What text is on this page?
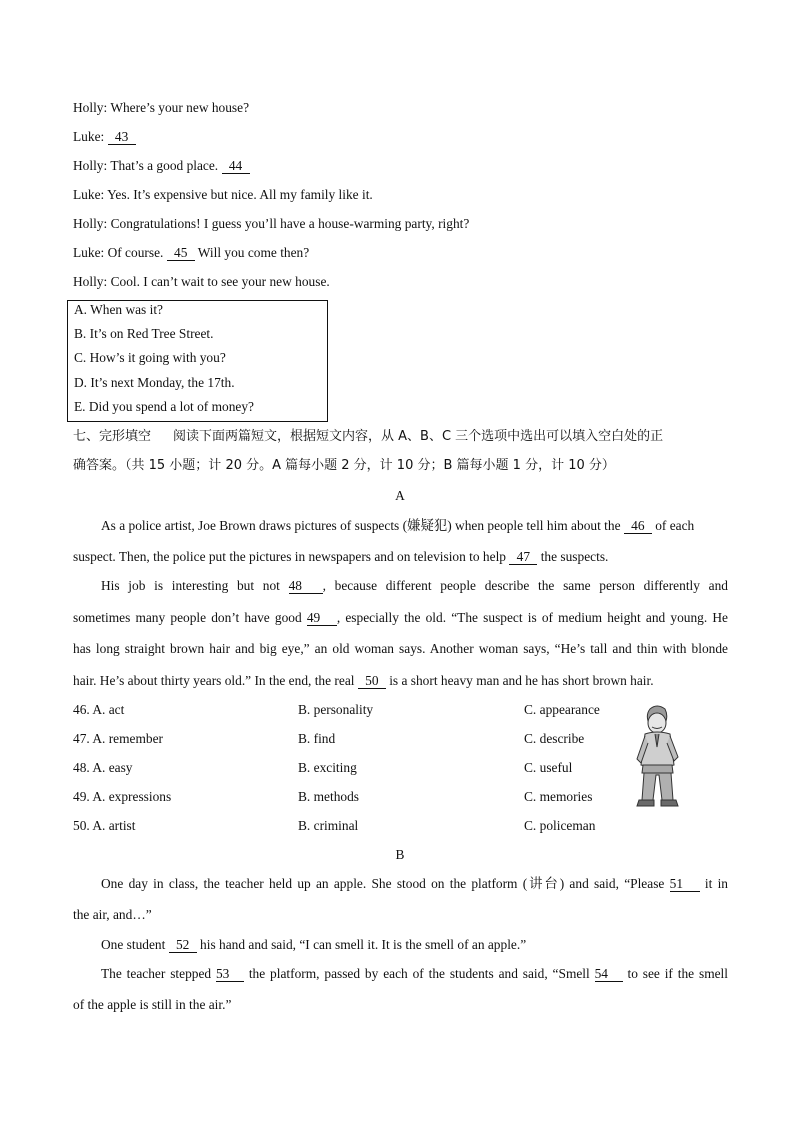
Holly: Where’s your new house?
Luke: 43
Holly: That’s a good place. 44
Luke: Yes. It’s expensive but nice. All my family like it.
Holly: Congratulations! I guess you’ll have a house-warming party, right?
Luke: Of course. 45 Will you come then?
Holly: Cool. I can’t wait to see your new house.
A. When was it?
B. It’s on Red Tree Street.
C. How’s it going with you?
D. It’s next Monday, the 17th.
E. Did you spend a lot of money?
七、完形填空 阅读下面两篇短文，根据短文内容，从 A、B、C 三个选项中选出可以填入空白处的正
确答案。（共 15 小题；计 20 分。A 篇每小题 2 分，计 10 分；B 篇每小题 1 分，计 10 分）
A
As a police artist, Joe Brown draws pictures of suspects (嫌疑犯) when people tell him about the 46 of each
suspect. Then, the police put the pictures in newspapers and on television to help 47 the suspects.
His job is interesting but not 48 , because different people describe the same person differently and
sometimes many people don’t have good 49 , especially the old. “The suspect is of medium height and young. He
has long straight brown hair and big eye,” an old woman says. Another woman says, “He’s tall and thin with blonde
hair. He’s about thirty years old.” In the end, the real 50 is a short heavy man and he has short brown hair.
46. A. act	B. personality	C. appearance
47. A. remember	B. find	C. describe
48. A. easy	B. exciting	C. useful
49. A. expressions	B. methods	C. memories
50. A. artist	B. criminal	C. policeman
B
One day in class, the teacher held up an apple. She stood on the platform (讲台) and said, “Please 51 it in
the air, and…”
One student 52 his hand and said, “I can smell it. It is the smell of an apple.”
The teacher stepped 53 the platform, passed by each of the students and said, “Smell 54 to see if the smell
of the apple is still in the air.”
